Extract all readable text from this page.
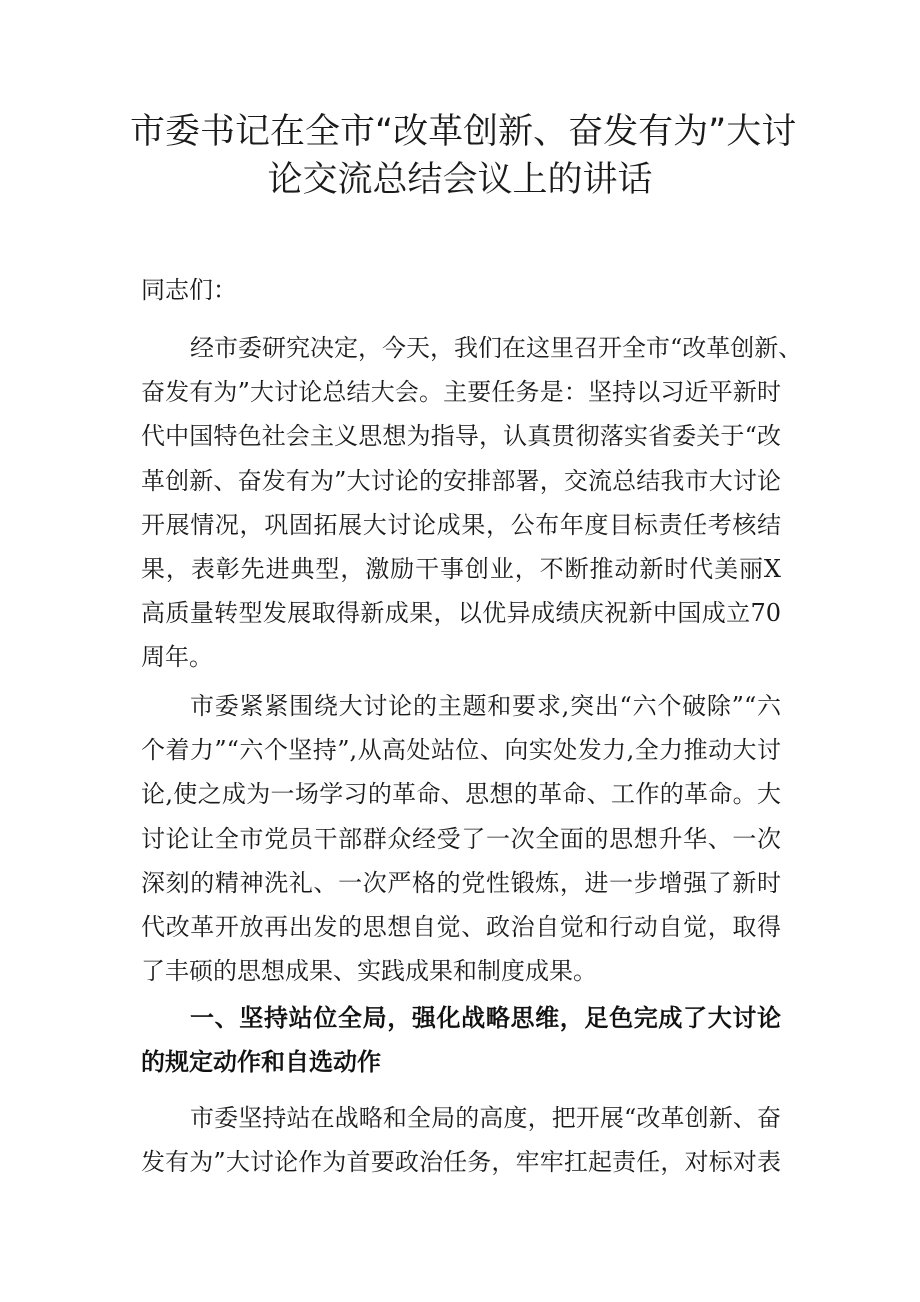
市委书记在全市“改革创新、奋发有为”大讨
论交流总结会议上的讲话

同志们：

经市委研究决定，今天，我们在这里召开全市“改革创新、
奋发有为”大讨论总结大会。主要任务是：坚持以习近平新时
代中国特色社会主义思想为指导，认真贯彻落实省委关于“改
革创新、奋发有为”大讨论的安排部署，交流总结我市大讨论
开展情况，巩固拓展大讨论成果，公布年度目标责任考核结
果，表彰先进典型，激励干事创业，不断推动新时代美丽X
高质量转型发展取得新成果，以优异成绩庆祝新中国成立70
周年。

市委紧紧围绕大讨论的主题和要求,突出“六个破除”“六
个着力”“六个坚持”,从高处站位、向实处发力,全力推动大讨
论,使之成为一场学习的革命、思想的革命、工作的革命。大
讨论让全市党员干部群众经受了一次全面的思想升华、一次
深刻的精神洗礼、一次严格的党性锻炼，进一步增强了新时
代改革开放再出发的思想自觉、政治自觉和行动自觉，取得
了丰硕的思想成果、实践成果和制度成果。

一、坚持站位全局，强化战略思维，足色完成了大讨论
的规定动作和自选动作

市委坚持站在战略和全局的高度，把开展“改革创新、奋
发有为”大讨论作为首要政治任务，牢牢扛起责任，对标对表
